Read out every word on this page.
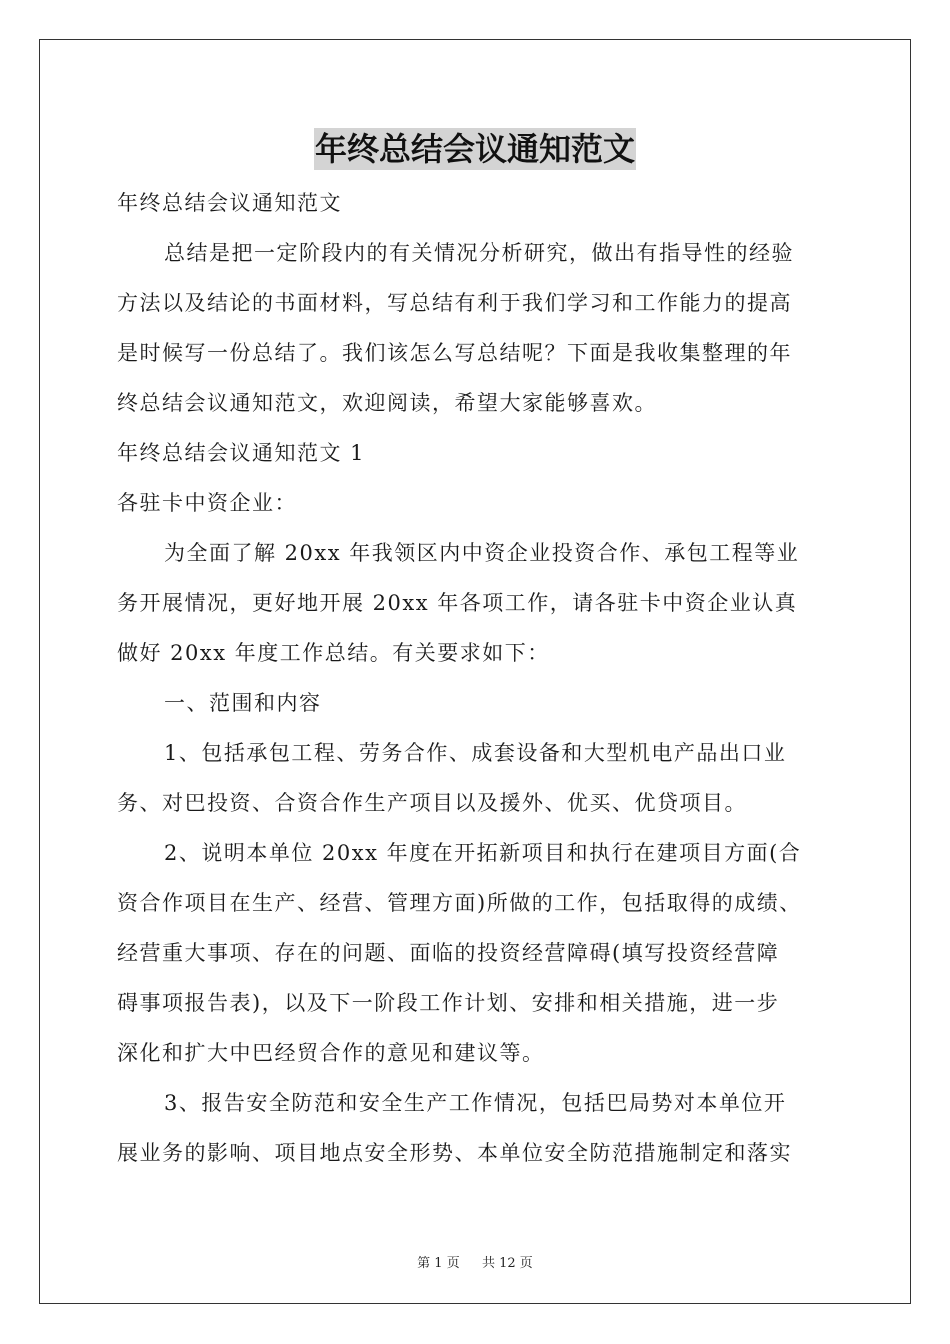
年终总结会议通知范文
年终总结会议通知范文
总结是把一定阶段内的有关情况分析研究，做出有指导性的经验
方法以及结论的书面材料，写总结有利于我们学习和工作能力的提高
是时候写一份总结了。我们该怎么写总结呢？下面是我收集整理的年
终总结会议通知范文，欢迎阅读，希望大家能够喜欢。
年终总结会议通知范文 1
各驻卡中资企业：
为全面了解 20xx 年我领区内中资企业投资合作、承包工程等业
务开展情况，更好地开展 20xx 年各项工作，请各驻卡中资企业认真
做好 20xx 年度工作总结。有关要求如下：
一、范围和内容
1、包括承包工程、劳务合作、成套设备和大型机电产品出口业
务、对巴投资、合资合作生产项目以及援外、优买、优贷项目。
2、说明本单位 20xx 年度在开拓新项目和执行在建项目方面(合
资合作项目在生产、经营、管理方面)所做的工作，包括取得的成绩、
经营重大事项、存在的问题、面临的投资经营障碍(填写投资经营障
碍事项报告表)，以及下一阶段工作计划、安排和相关措施，进一步
深化和扩大中巴经贸合作的意见和建议等。
3、报告安全防范和安全生产工作情况，包括巴局势对本单位开
展业务的影响、项目地点安全形势、本单位安全防范措施制定和落实
第 1 页 共 12 页
